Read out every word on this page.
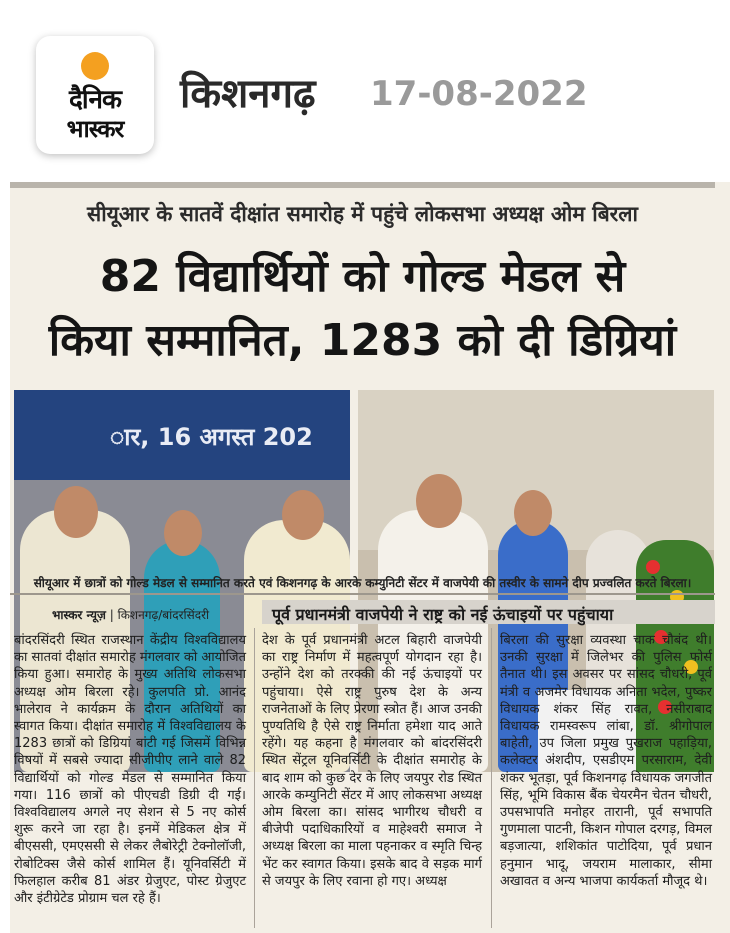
दैनिक
भास्कर
किशनगढ़ 17-08-2022
सीयूआर के सातवें दीक्षांत समारोह में पहुंचे लोकसभा अध्यक्ष ओम बिरला
82 विद्यार्थियों को गोल्ड मेडल से
किया सम्मानित, 1283 को दी डिग्रियां
ार, 16 अगस्त 202
सीयूआर में छात्रों को गोल्ड मेडल से सम्मानित करते एवं किशनगढ़ के आरके कम्युनिटी सेंटर में वाजपेयी की तस्वीर के सामने दीप प्रज्वलित करते बिरला।
भास्कर न्यूज़ | किशनगढ़/बांदरसिंदरी	पूर्व प्रधानमंत्री वाजपेयी ने राष्ट्र को नई ऊंचाइयों पर पहुंचाया
बांदरसिंदरी स्थित राजस्थान केंद्रीय विश्वविद्यालय का सातवां दीक्षांत समारोह मंगलवार को आयोजित किया हुआ। समारोह के मुख्य अतिथि लोकसभा अध्यक्ष ओम बिरला रहे। कुलपति प्रो. आनंद भालेराव ने कार्यक्रम के दौरान अतिथियों का स्वागत किया। दीक्षांत समारोह में विश्वविद्यालय के 1283 छात्रों को डिग्रियां बांटी गई जिसमें विभिन्न विषयों में सबसे ज्यादा सीजीपीए लाने वाले 82 विद्यार्थियों को गोल्ड मेडल से सम्मानित किया गया। 116 छात्रों को पीएचडी डिग्री दी गई। विश्वविद्यालय अगले नए सेशन से 5 नए कोर्स शुरू करने जा रहा है। इनमें मेडिकल क्षेत्र में बीएससी, एमएससी से लेकर लैबोरेट्री टेक्नोलॉजी, रोबोटिक्स जैसे कोर्स शामिल हैं। यूनिवर्सिटी में फिलहाल करीब 81 अंडर ग्रेजुएट, पोस्ट ग्रेजुएट और इंटीग्रेटेड प्रोग्राम चल रहे हैं।
देश के पूर्व प्रधानमंत्री अटल बिहारी वाजपेयी का राष्ट्र निर्माण में महत्वपूर्ण योगदान रहा है। उन्होंने देश को तरक्की की नई ऊंचाइयों पर पहुंचाया। ऐसे राष्ट्र पुरुष देश के अन्य राजनेताओं के लिए प्रेरणा स्त्रोत हैं। आज उनकी पुण्यतिथि है ऐसे राष्ट्र निर्माता हमेशा याद आते रहेंगे। यह कहना है मंगलवार को बांदरसिंदरी स्थित सेंट्रल यूनिवर्सिटी के दीक्षांत समारोह के बाद शाम को कुछ देर के लिए जयपुर रोड स्थित आरके कम्युनिटी सेंटर में आए लोकसभा अध्यक्ष ओम बिरला का। सांसद भागीरथ चौधरी व बीजेपी पदाधिकारियों व माहेश्वरी समाज ने अध्यक्ष बिरला का माला पहनाकर व स्मृति चिन्ह भेंट कर स्वागत किया। इसके बाद वे सड़क मार्ग से जयपुर के लिए रवाना हो गए। अध्यक्ष
बिरला की सुरक्षा व्यवस्था चाक चौबंद थी। उनकी सुरक्षा में जिलेभर की पुलिस फोर्स तैनात थी। इस अवसर पर सांसद चौधरी, पूर्व मंत्री व अजमेर विधायक अनिता भदेल, पुष्कर विधायक शंकर सिंह रावत, नसीराबाद विधायक रामस्वरूप लांबा, डॉ. श्रीगोपाल बाहेती, उप जिला प्रमुख पुखराज पहाड़िया, कलेक्टर अंशदीप, एसडीएम परसाराम, देवी शंकर भूतड़ा, पूर्व किशनगढ़ विधायक जगजीत सिंह, भूमि विकास बैंक चेयरमैन चेतन चौधरी, उपसभापति मनोहर तारानी, पूर्व सभापति गुणमाला पाटनी, किशन गोपाल दरगड़, विमल बड़जात्या, शशिकांत पाटोदिया, पूर्व प्रधान हनुमान भादू, जयराम मालाकार, सीमा अखावत व अन्य भाजपा कार्यकर्ता मौजूद थे।
